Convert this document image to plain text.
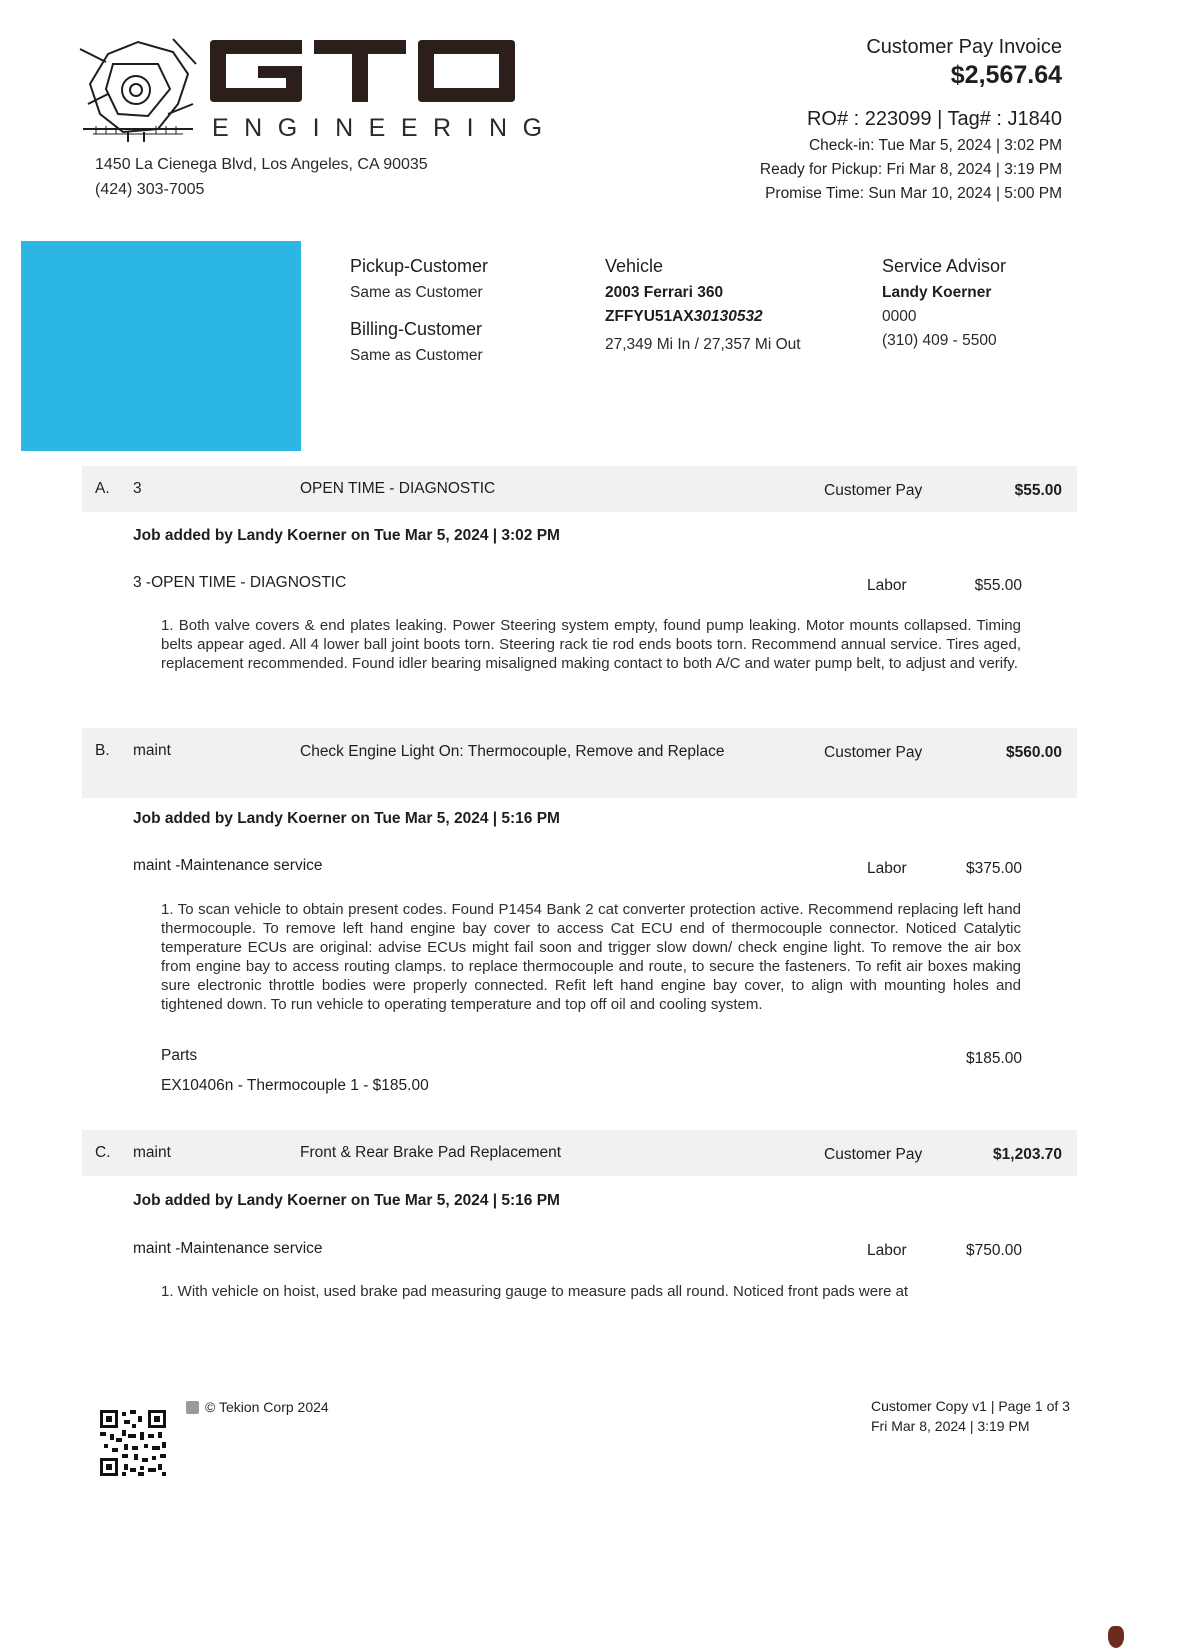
GTO
ENGINEERING
1450 La Cienega Blvd, Los Angeles, CA 90035
(424) 303-7005
Customer Pay Invoice
$2,567.64
RO# : 223099 | Tag# : J1840
Check-in: Tue Mar 5, 2024 | 3:02 PM
Ready for Pickup: Fri Mar 8, 2024 | 3:19 PM
Promise Time: Sun Mar 10, 2024 | 5:00 PM
Pickup-Customer
Same as Customer
Billing-Customer
Same as Customer
Vehicle
2003 Ferrari 360
ZFFYU51AX30130532
27,349 Mi In / 27,357 Mi Out
Service Advisor
Landy Koerner
0000
(310) 409 - 5500
A. 3	OPEN TIME - DIAGNOSTIC	Customer Pay	$55.00
Job added by Landy Koerner on Tue Mar 5, 2024 | 3:02 PM
3 -OPEN TIME - DIAGNOSTIC	Labor	$55.00
1. Both valve covers & end plates leaking. Power Steering system empty, found pump leaking. Motor mounts collapsed. Timing belts appear aged. All 4 lower ball joint boots torn. Steering rack tie rod ends boots torn. Recommend annual service. Tires aged, replacement recommended. Found idler bearing misaligned making contact to both A/C and water pump belt, to adjust and verify.
B. maint	Check Engine Light On: Thermocouple, Remove and Replace	Customer Pay	$560.00
Job added by Landy Koerner on Tue Mar 5, 2024 | 5:16 PM
maint -Maintenance service	Labor	$375.00
1. To scan vehicle to obtain present codes. Found P1454 Bank 2 cat converter protection active. Recommend replacing left hand thermocouple. To remove left hand engine bay cover to access Cat ECU end of thermocouple connector. Noticed Catalytic temperature ECUs are original: advise ECUs might fail soon and trigger slow down/ check engine light. To remove the air box from engine bay to access routing clamps. to replace thermocouple and route, to secure the fasteners. To refit air boxes making sure electronic throttle bodies were properly connected. Refit left hand engine bay cover, to align with mounting holes and tightened down. To run vehicle to operating temperature and top off oil and cooling system.
Parts	$185.00
EX10406n - Thermocouple 1 - $185.00
C. maint	Front & Rear Brake Pad Replacement	Customer Pay	$1,203.70
Job added by Landy Koerner on Tue Mar 5, 2024 | 5:16 PM
maint -Maintenance service	Labor	$750.00
1. With vehicle on hoist, used brake pad measuring gauge to measure pads all round. Noticed front pads were at
© Tekion Corp 2024	Customer Copy v1 | Page 1 of 3
Fri Mar 8, 2024 | 3:19 PM
